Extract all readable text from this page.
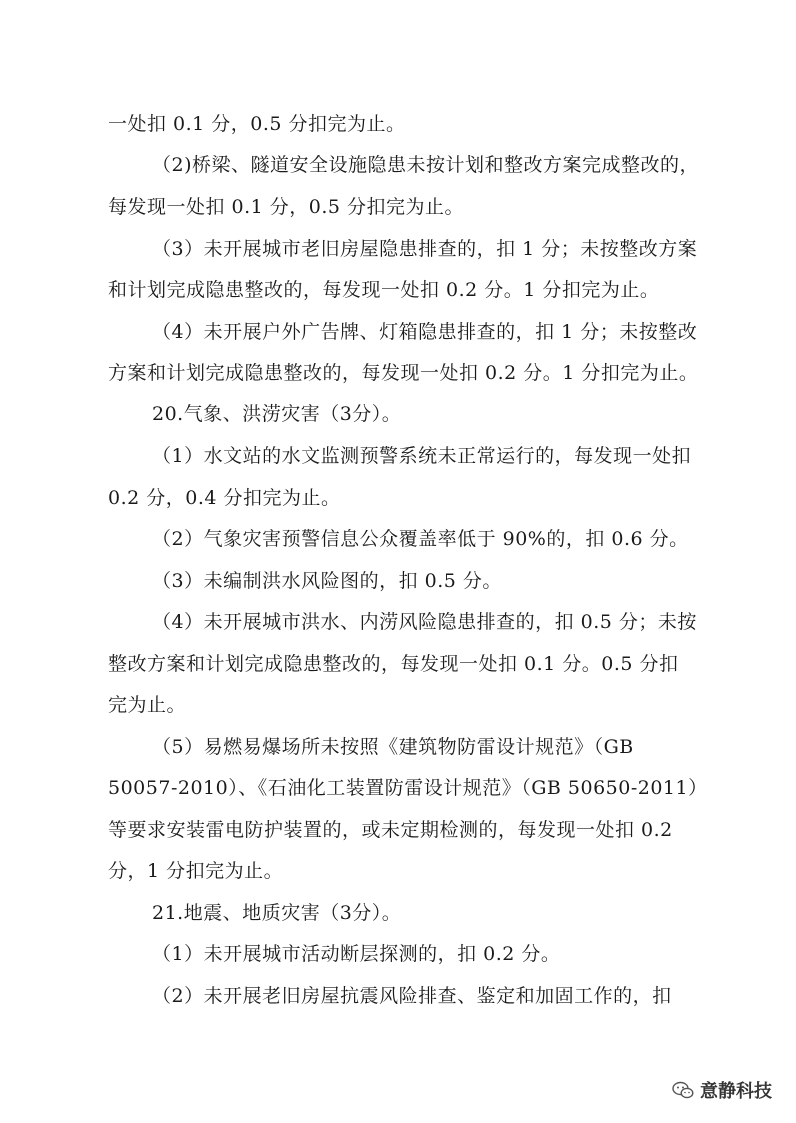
一处扣 0.1 分，0.5 分扣完为止。
（2)桥梁、隧道安全设施隐患未按计划和整改方案完成整改的，
每发现一处扣 0.1 分，0.5 分扣完为止。
（3）未开展城市老旧房屋隐患排查的，扣 1 分；未按整改方案
和计划完成隐患整改的，每发现一处扣 0.2 分。1 分扣完为止。
（4）未开展户外广告牌、灯箱隐患排查的，扣 1 分；未按整改
方案和计划完成隐患整改的，每发现一处扣 0.2 分。1 分扣完为止。
20.气象、洪涝灾害（3分）。
（1）水文站的水文监测预警系统未正常运行的，每发现一处扣
0.2 分，0.4 分扣完为止。
（2）气象灾害预警信息公众覆盖率低于 90%的，扣 0.6 分。
（3）未编制洪水风险图的，扣 0.5 分。
（4）未开展城市洪水、内涝风险隐患排查的，扣 0.5 分；未按
整改方案和计划完成隐患整改的，每发现一处扣 0.1 分。0.5 分扣
完为止。
（5）易燃易爆场所未按照《建筑物防雷设计规范》（GB
50057-2010）、《石油化工装置防雷设计规范》（GB 50650-2011）
等要求安装雷电防护装置的，或未定期检测的，每发现一处扣 0.2
分，1 分扣完为止。
21.地震、地质灾害（3分）。
（1）未开展城市活动断层探测的，扣 0.2 分。
（2）未开展老旧房屋抗震风险排查、鉴定和加固工作的，扣
意静科技
